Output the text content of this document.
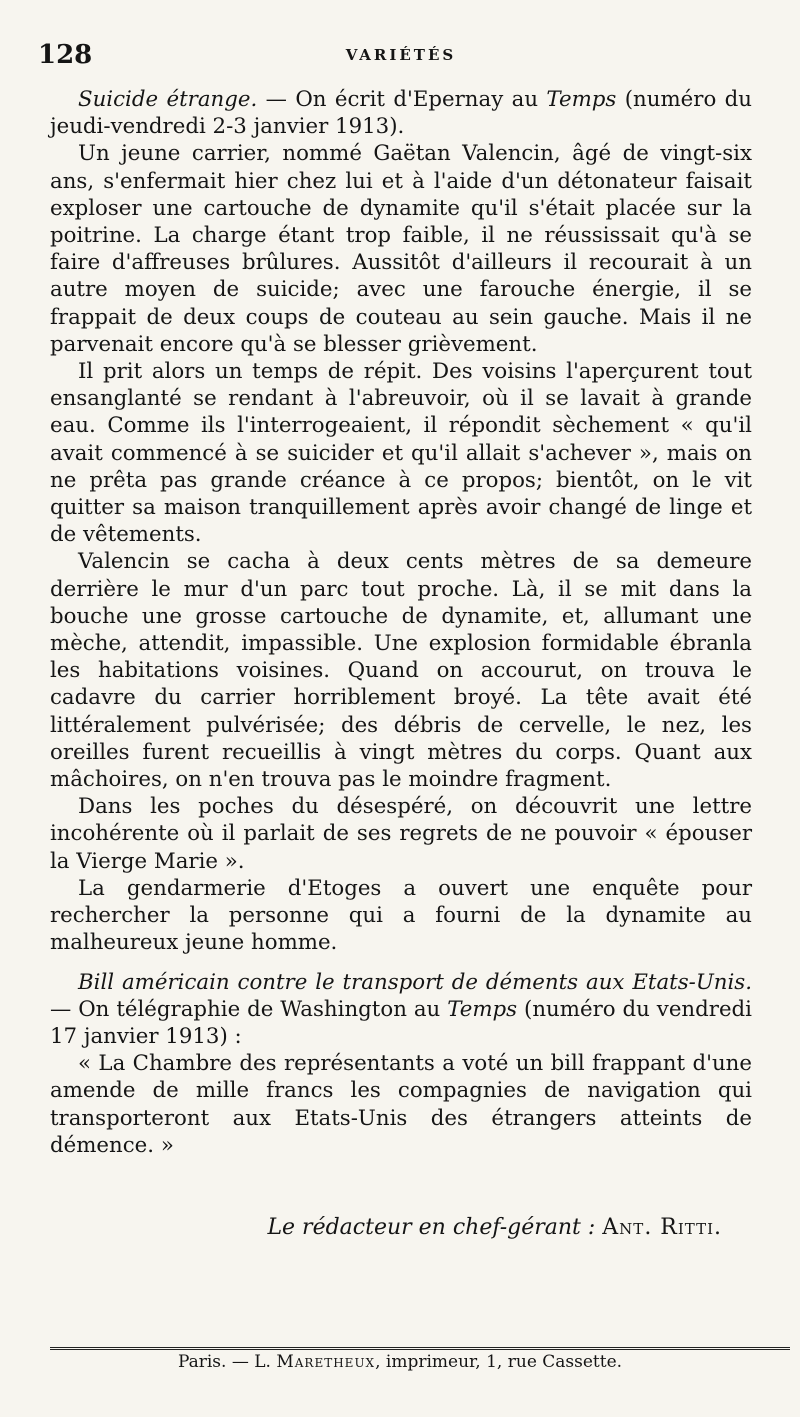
128	VARIÉTÉS

Suicide étrange. — On écrit d'Epernay au Temps (numéro du jeudi-vendredi 2-3 janvier 1913).

Un jeune carrier, nommé Gaëtan Valencin, âgé de vingt-six ans, s'enfermait hier chez lui et à l'aide d'un détonateur faisait exploser une cartouche de dynamite qu'il s'était placée sur la poitrine. La charge étant trop faible, il ne réussissait qu'à se faire d'affreuses brûlures. Aussitôt d'ailleurs il recourait à un autre moyen de suicide; avec une farouche énergie, il se frappait de deux coups de couteau au sein gauche. Mais il ne parvenait encore qu'à se blesser grièvement.

Il prit alors un temps de répit. Des voisins l'aperçurent tout ensanglanté se rendant à l'abreuvoir, où il se lavait à grande eau. Comme ils l'interrogeaient, il répondit sèchement « qu'il avait commencé à se suicider et qu'il allait s'achever », mais on ne prêta pas grande créance à ce propos; bientôt, on le vit quitter sa maison tranquillement après avoir changé de linge et de vêtements.

Valencin se cacha à deux cents mètres de sa demeure derrière le mur d'un parc tout proche. Là, il se mit dans la bouche une grosse cartouche de dynamite, et, allumant une mèche, attendit, impassible. Une explosion formidable ébranla les habitations voisines. Quand on accourut, on trouva le cadavre du carrier horriblement broyé. La tête avait été littéralement pulvérisée; des débris de cervelle, le nez, les oreilles furent recueillis à vingt mètres du corps. Quant aux mâchoires, on n'en trouva pas le moindre fragment.

Dans les poches du désespéré, on découvrit une lettre incohérente où il parlait de ses regrets de ne pouvoir « épouser la Vierge Marie ».

La gendarmerie d'Etoges a ouvert une enquête pour rechercher la personne qui a fourni de la dynamite au malheureux jeune homme.

Bill américain contre le transport de déments aux Etats-Unis. — On télégraphie de Washington au Temps (numéro du vendredi 17 janvier 1913) :

« La Chambre des représentants a voté un bill frappant d'une amende de mille francs les compagnies de navigation qui transporteront aux Etats-Unis des étrangers atteints de démence. »

Le rédacteur en chef-gérant : Ant. Ritti.
Paris. — L. Maretheux, imprimeur, 1, rue Cassette.
